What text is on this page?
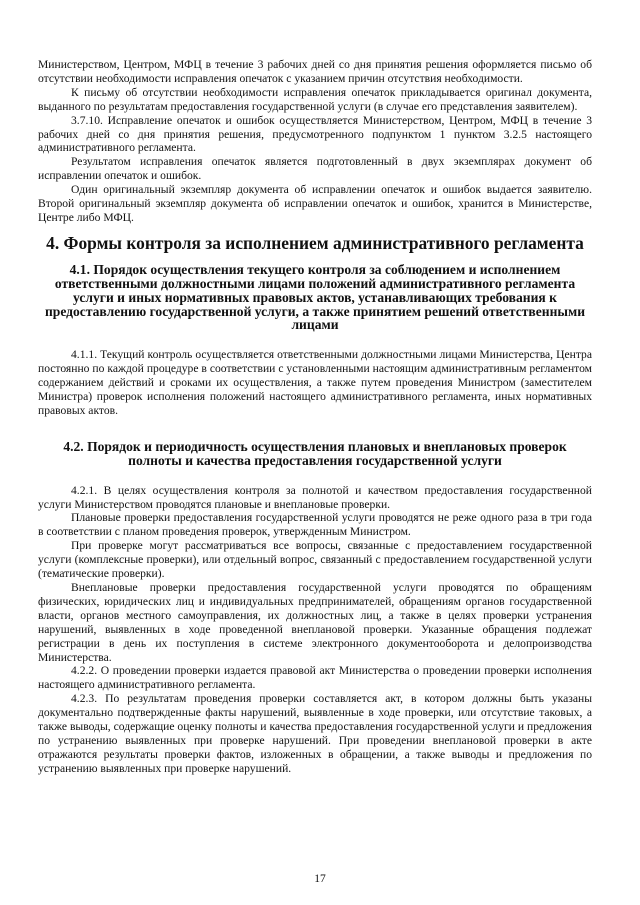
Министерством, Центром, МФЦ в течение 3 рабочих дней со дня принятия решения оформляется письмо об отсутствии необходимости исправления опечаток с указанием причин отсутствия необходимости.

К письму об отсутствии необходимости исправления опечаток прикладывается оригинал документа, выданного по результатам предоставления государственной услуги (в случае его представления заявителем).

3.7.10. Исправление опечаток и ошибок осуществляется Министерством, Центром, МФЦ в течение 3 рабочих дней со дня принятия решения, предусмотренного подпунктом 1 пунктом 3.2.5 настоящего административного регламента.

Результатом исправления опечаток является подготовленный в двух экземплярах документ об исправлении опечаток и ошибок.

Один оригинальный экземпляр документа об исправлении опечаток и ошибок выдается заявителю. Второй оригинальный экземпляр документа об исправлении опечаток и ошибок, хранится в Министерстве, Центре либо МФЦ.

4. Формы контроля за исполнением административного регламента
4.1. Порядок осуществления текущего контроля за соблюдением и исполнением ответственными должностными лицами положений административного регламента услуги и иных нормативных правовых актов, устанавливающих требования к предоставлению государственной услуги, а также принятием решений ответственными лицами

4.1.1. Текущий контроль осуществляется ответственными должностными лицами Министерства, Центра постоянно по каждой процедуре в соответствии с установленными настоящим административным регламентом содержанием действий и сроками их осуществления, а также путем проведения Министром (заместителем Министра) проверок исполнения положений настоящего административного регламента, иных нормативных правовых актов.

4.2. Порядок и периодичность осуществления плановых и внеплановых проверок полноты и качества предоставления государственной услуги

4.2.1. В целях осуществления контроля за полнотой и качеством предоставления государственной услуги Министерством проводятся плановые и внеплановые проверки.

Плановые проверки предоставления государственной услуги проводятся не реже одного раза в три года в соответствии с планом проведения проверок, утвержденным Министром.

При проверке могут рассматриваться все вопросы, связанные с предоставлением государственной услуги (комплексные проверки), или отдельный вопрос, связанный с предоставлением государственной услуги (тематические проверки).

Внеплановые проверки предоставления государственной услуги проводятся по обращениям физических, юридических лиц и индивидуальных предпринимателей, обращениям органов государственной власти, органов местного самоуправления, их должностных лиц, а также в целях проверки устранения нарушений, выявленных в ходе проведенной внеплановой проверки. Указанные обращения подлежат регистрации в день их поступления в системе электронного документооборота и делопроизводства Министерства.

4.2.2. О проведении проверки издается правовой акт Министерства о проведении проверки исполнения настоящего административного регламента.

4.2.3. По результатам проведения проверки составляется акт, в котором должны быть указаны документально подтвержденные факты нарушений, выявленные в ходе проверки, или отсутствие таковых, а также выводы, содержащие оценку полноты и качества предоставления государственной услуги и предложения по устранению выявленных при проверке нарушений. При проведении внеплановой проверки в акте отражаются результаты проверки фактов, изложенных в обращении, а также выводы и предложения по устранению выявленных при проверке нарушений.

17
